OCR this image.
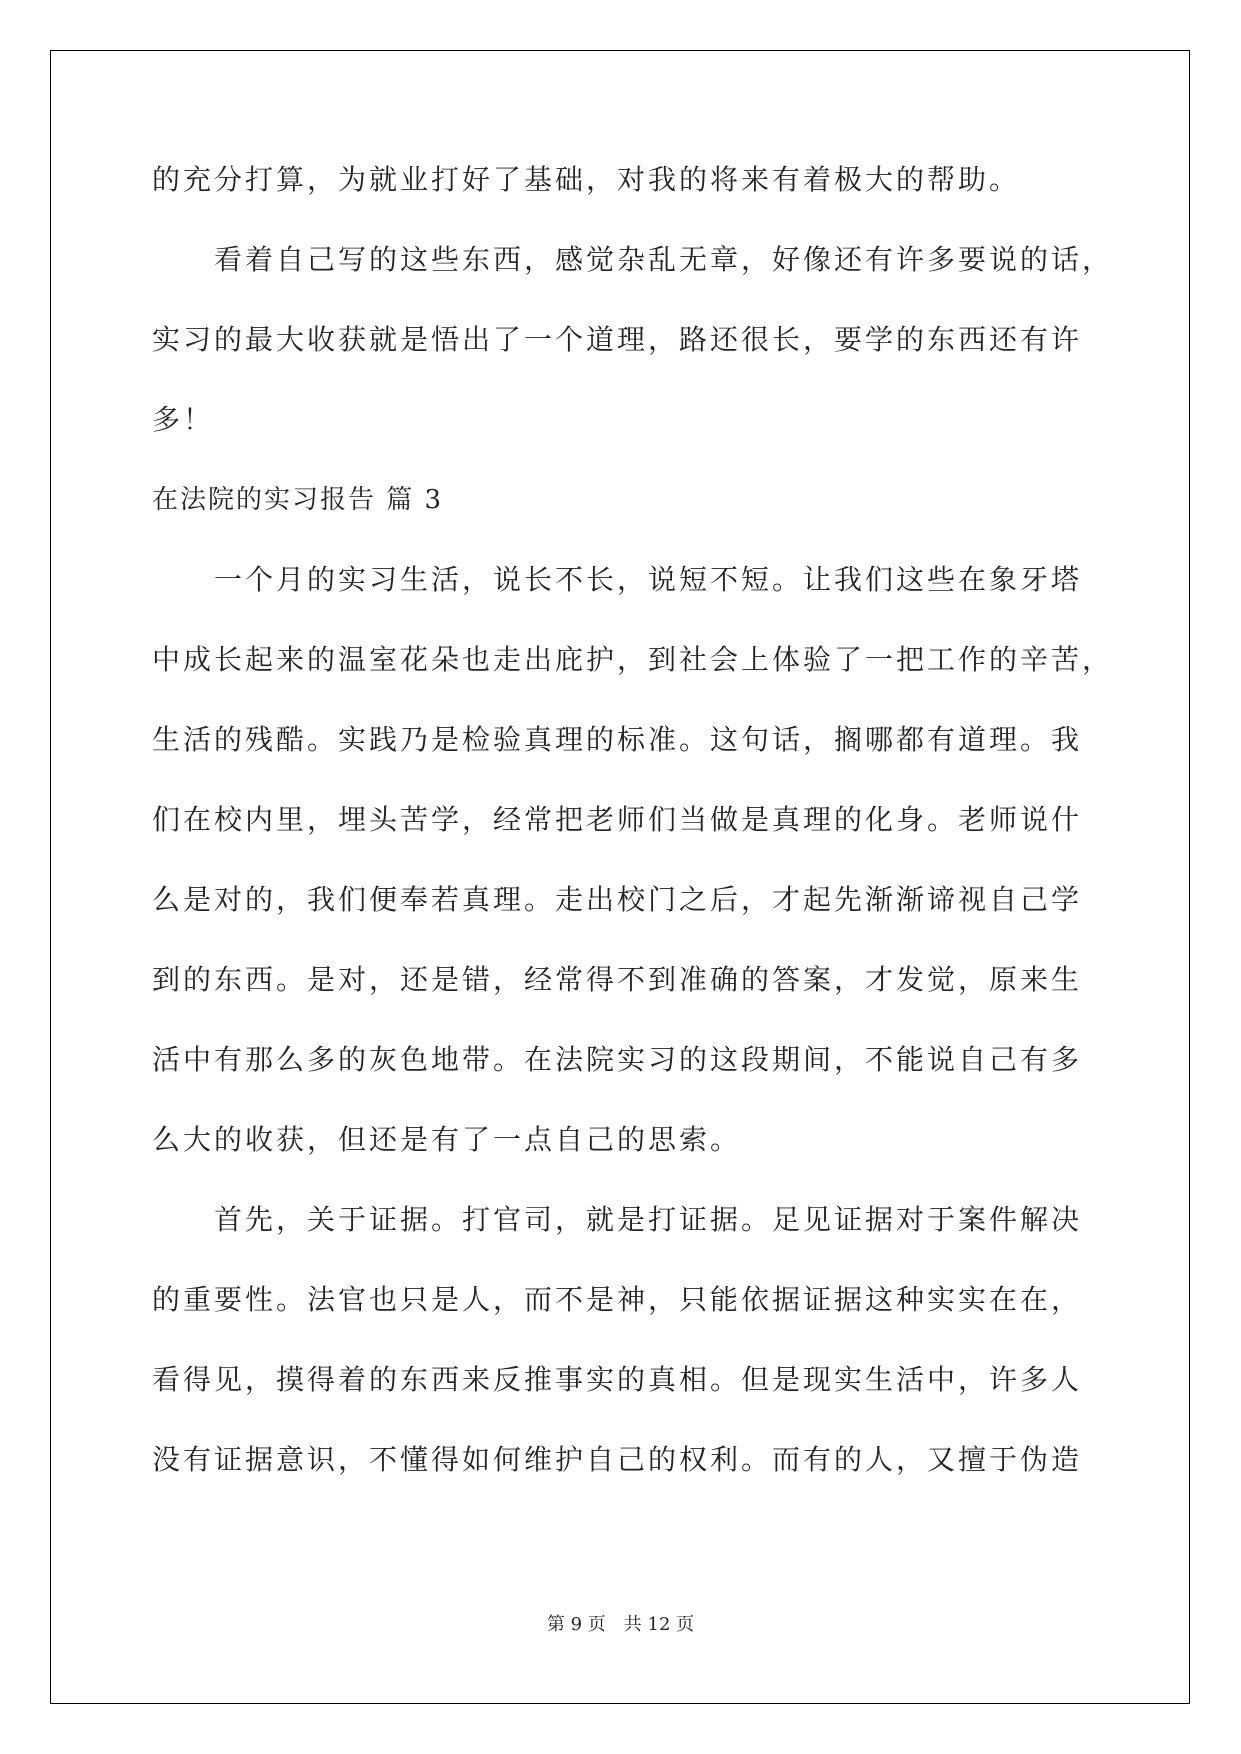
的充分打算，为就业打好了基础，对我的将来有着极大的帮助。
看着自己写的这些东西，感觉杂乱无章，好像还有许多要说的话，
实习的最大收获就是悟出了一个道理，路还很长，要学的东西还有许
多！
在法院的实习报告 篇 3
一个月的实习生活，说长不长，说短不短。让我们这些在象牙塔
中成长起来的温室花朵也走出庇护，到社会上体验了一把工作的辛苦，
生活的残酷。实践乃是检验真理的标准。这句话，搁哪都有道理。我
们在校内里，埋头苦学，经常把老师们当做是真理的化身。老师说什
么是对的，我们便奉若真理。走出校门之后，才起先渐渐谛视自己学
到的东西。是对，还是错，经常得不到准确的答案，才发觉，原来生
活中有那么多的灰色地带。在法院实习的这段期间，不能说自己有多
么大的收获，但还是有了一点自己的思索。
首先，关于证据。打官司，就是打证据。足见证据对于案件解决
的重要性。法官也只是人，而不是神，只能依据证据这种实实在在，
看得见，摸得着的东西来反推事实的真相。但是现实生活中，许多人
没有证据意识，不懂得如何维护自己的权利。而有的人，又擅于伪造
第 9 页　共 12 页
